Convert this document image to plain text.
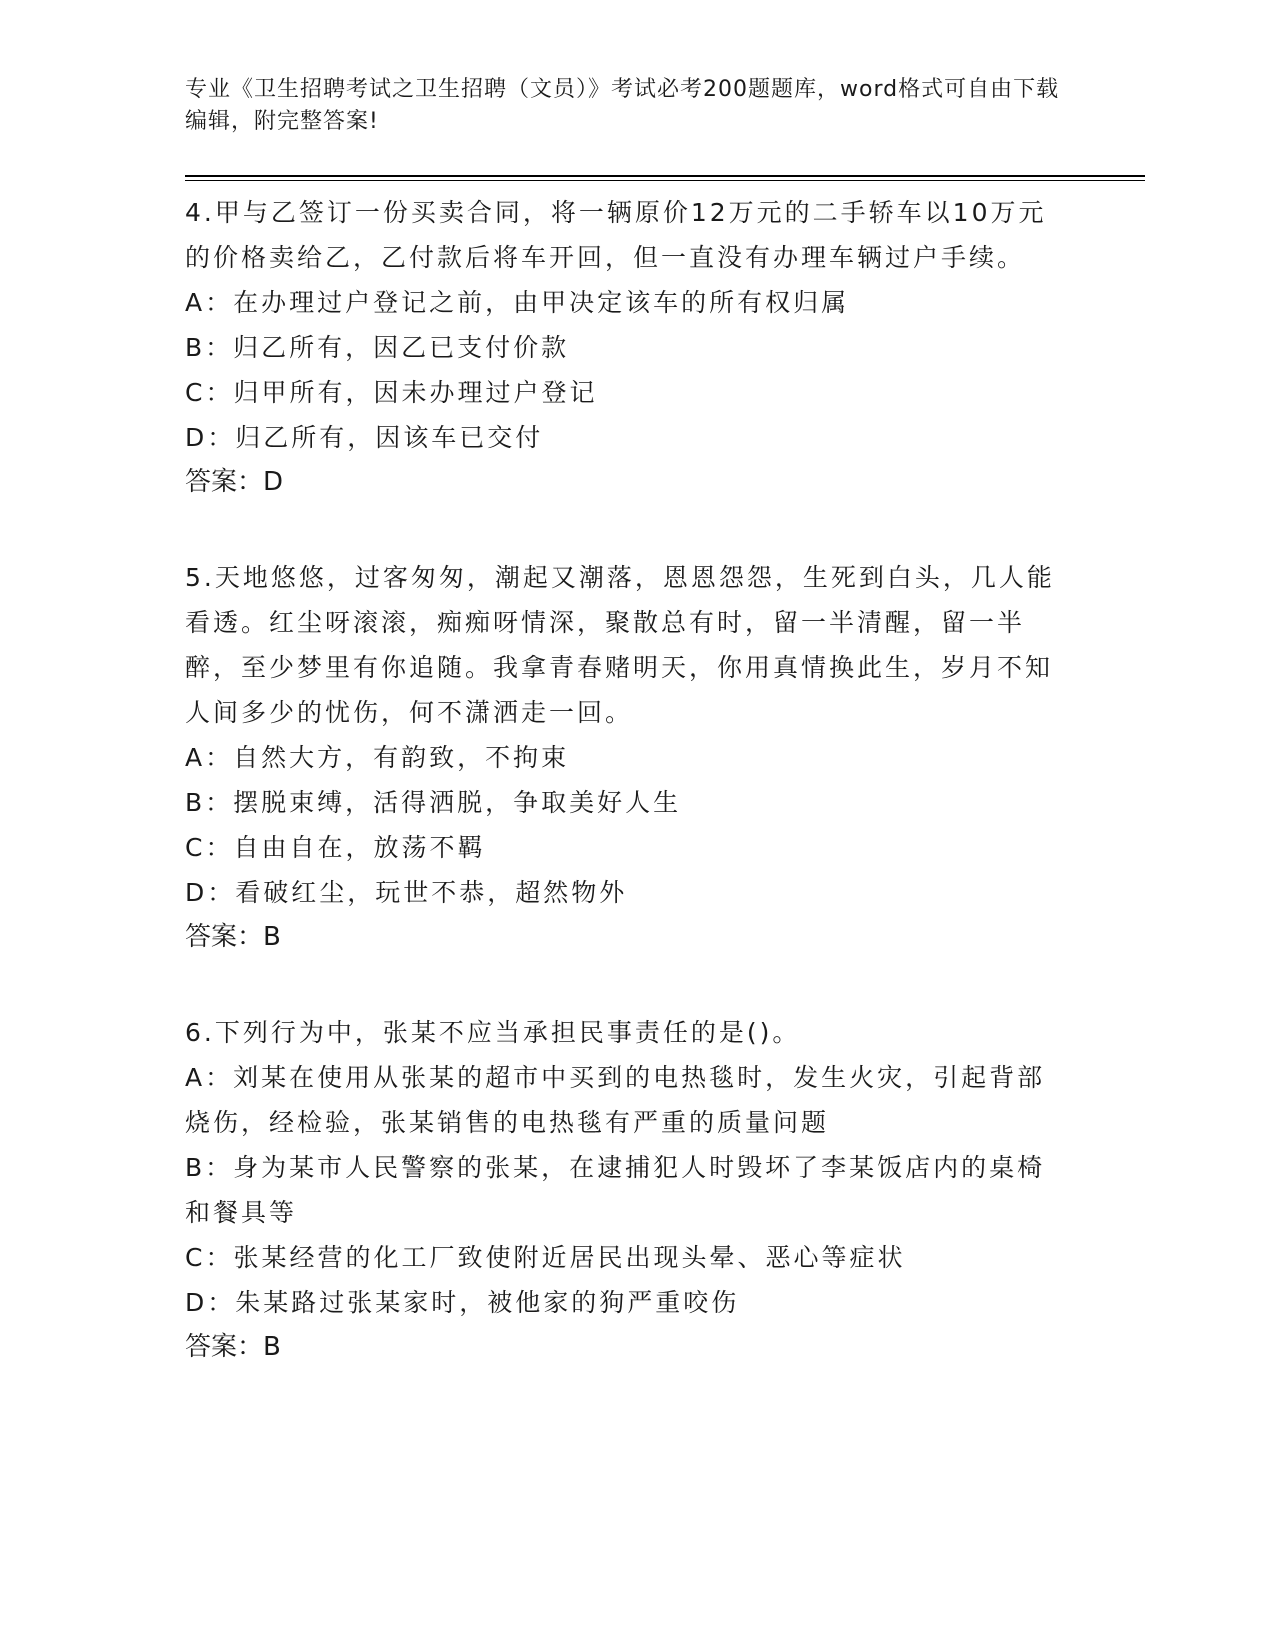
专业《卫生招聘考试之卫生招聘（文员）》考试必考200题题库，word格式可自由下载编辑，附完整答案!

4.甲与乙签订一份买卖合同，将一辆原价12万元的二手轿车以10万元的价格卖给乙，乙付款后将车开回，但一直没有办理车辆过户手续。

A：在办理过户登记之前，由甲决定该车的所有权归属

B：归乙所有，因乙已支付价款

C：归甲所有，因未办理过户登记

D：归乙所有，因该车已交付

答案：D

5.天地悠悠，过客匆匆，潮起又潮落，恩恩怨怨，生死到白头，几人能看透。红尘呀滚滚，痴痴呀情深，聚散总有时，留一半清醒，留一半醉，至少梦里有你追随。我拿青春赌明天，你用真情换此生，岁月不知人间多少的忧伤，何不潇洒走一回。

A：自然大方，有韵致，不拘束

B：摆脱束缚，活得洒脱，争取美好人生

C：自由自在，放荡不羁

D：看破红尘，玩世不恭，超然物外

答案：B

6.下列行为中，张某不应当承担民事责任的是()。

A：刘某在使用从张某的超市中买到的电热毯时，发生火灾，引起背部烧伤，经检验，张某销售的电热毯有严重的质量问题

B：身为某市人民警察的张某，在逮捕犯人时毁坏了李某饭店内的桌椅和餐具等

C：张某经营的化工厂致使附近居民出现头晕、恶心等症状

D：朱某路过张某家时，被他家的狗严重咬伤

答案：B
